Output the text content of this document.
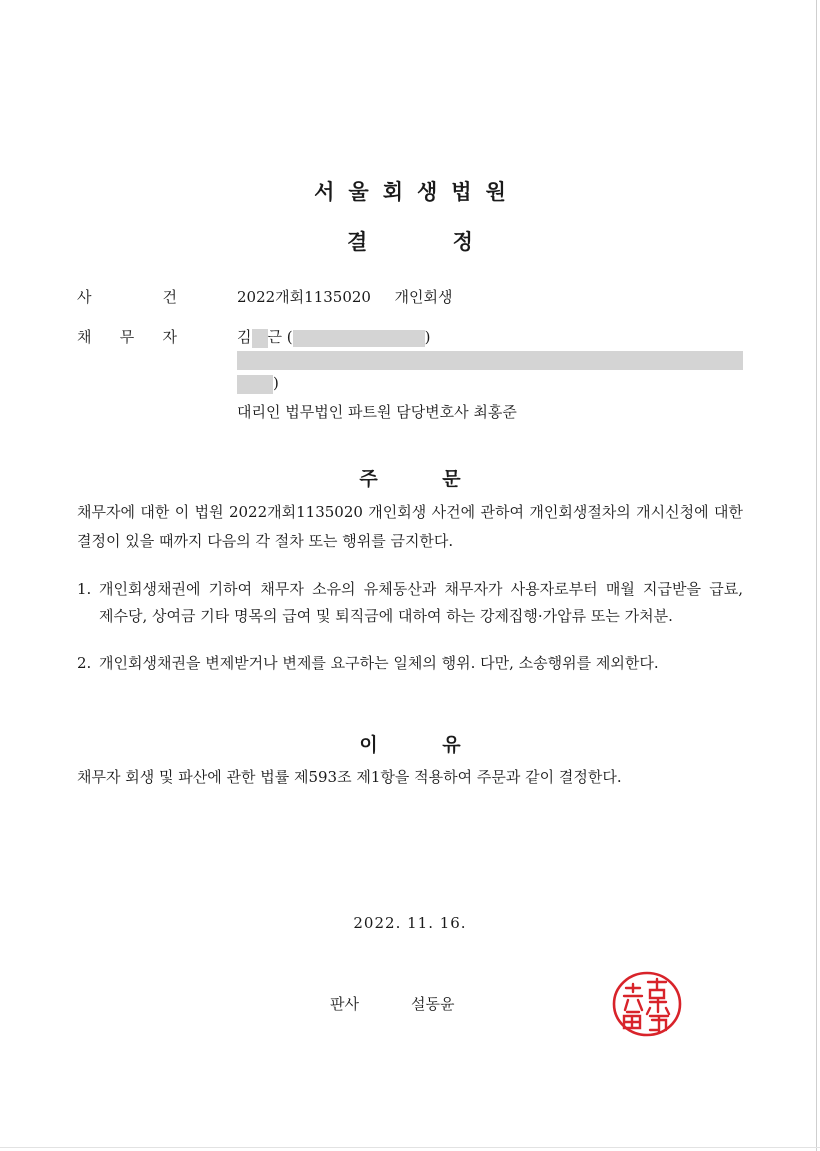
서울회생법원
결 정
사	건	2022개회1135020 개인회생
채 무 자	김 근 (	)
)
대리인 법무법인 파트원 담당변호사 최홍준
주 문
채무자에 대한 이 법원 2022개회1135020 개인회생 사건에 관하여 개인회생절차의 개시신청에 대한 결정이 있을 때까지 다음의 각 절차 또는 행위를 금지한다.
1. 개인회생채권에 기하여 채무자 소유의 유체동산과 채무자가 사용자로부터 매월 지급받을 급료, 제수당, 상여금 기타 명목의 급여 및 퇴직금에 대하여 하는 강제집행·가압류 또는 가처분.
2. 개인회생채권을 변제받거나 변제를 요구하는 일체의 행위. 다만, 소송행위를 제외한다.
이 유
채무자 회생 및 파산에 관한 법률 제593조 제1항을 적용하여 주문과 같이 결정한다.
2022. 11. 16.
판사	설동윤
